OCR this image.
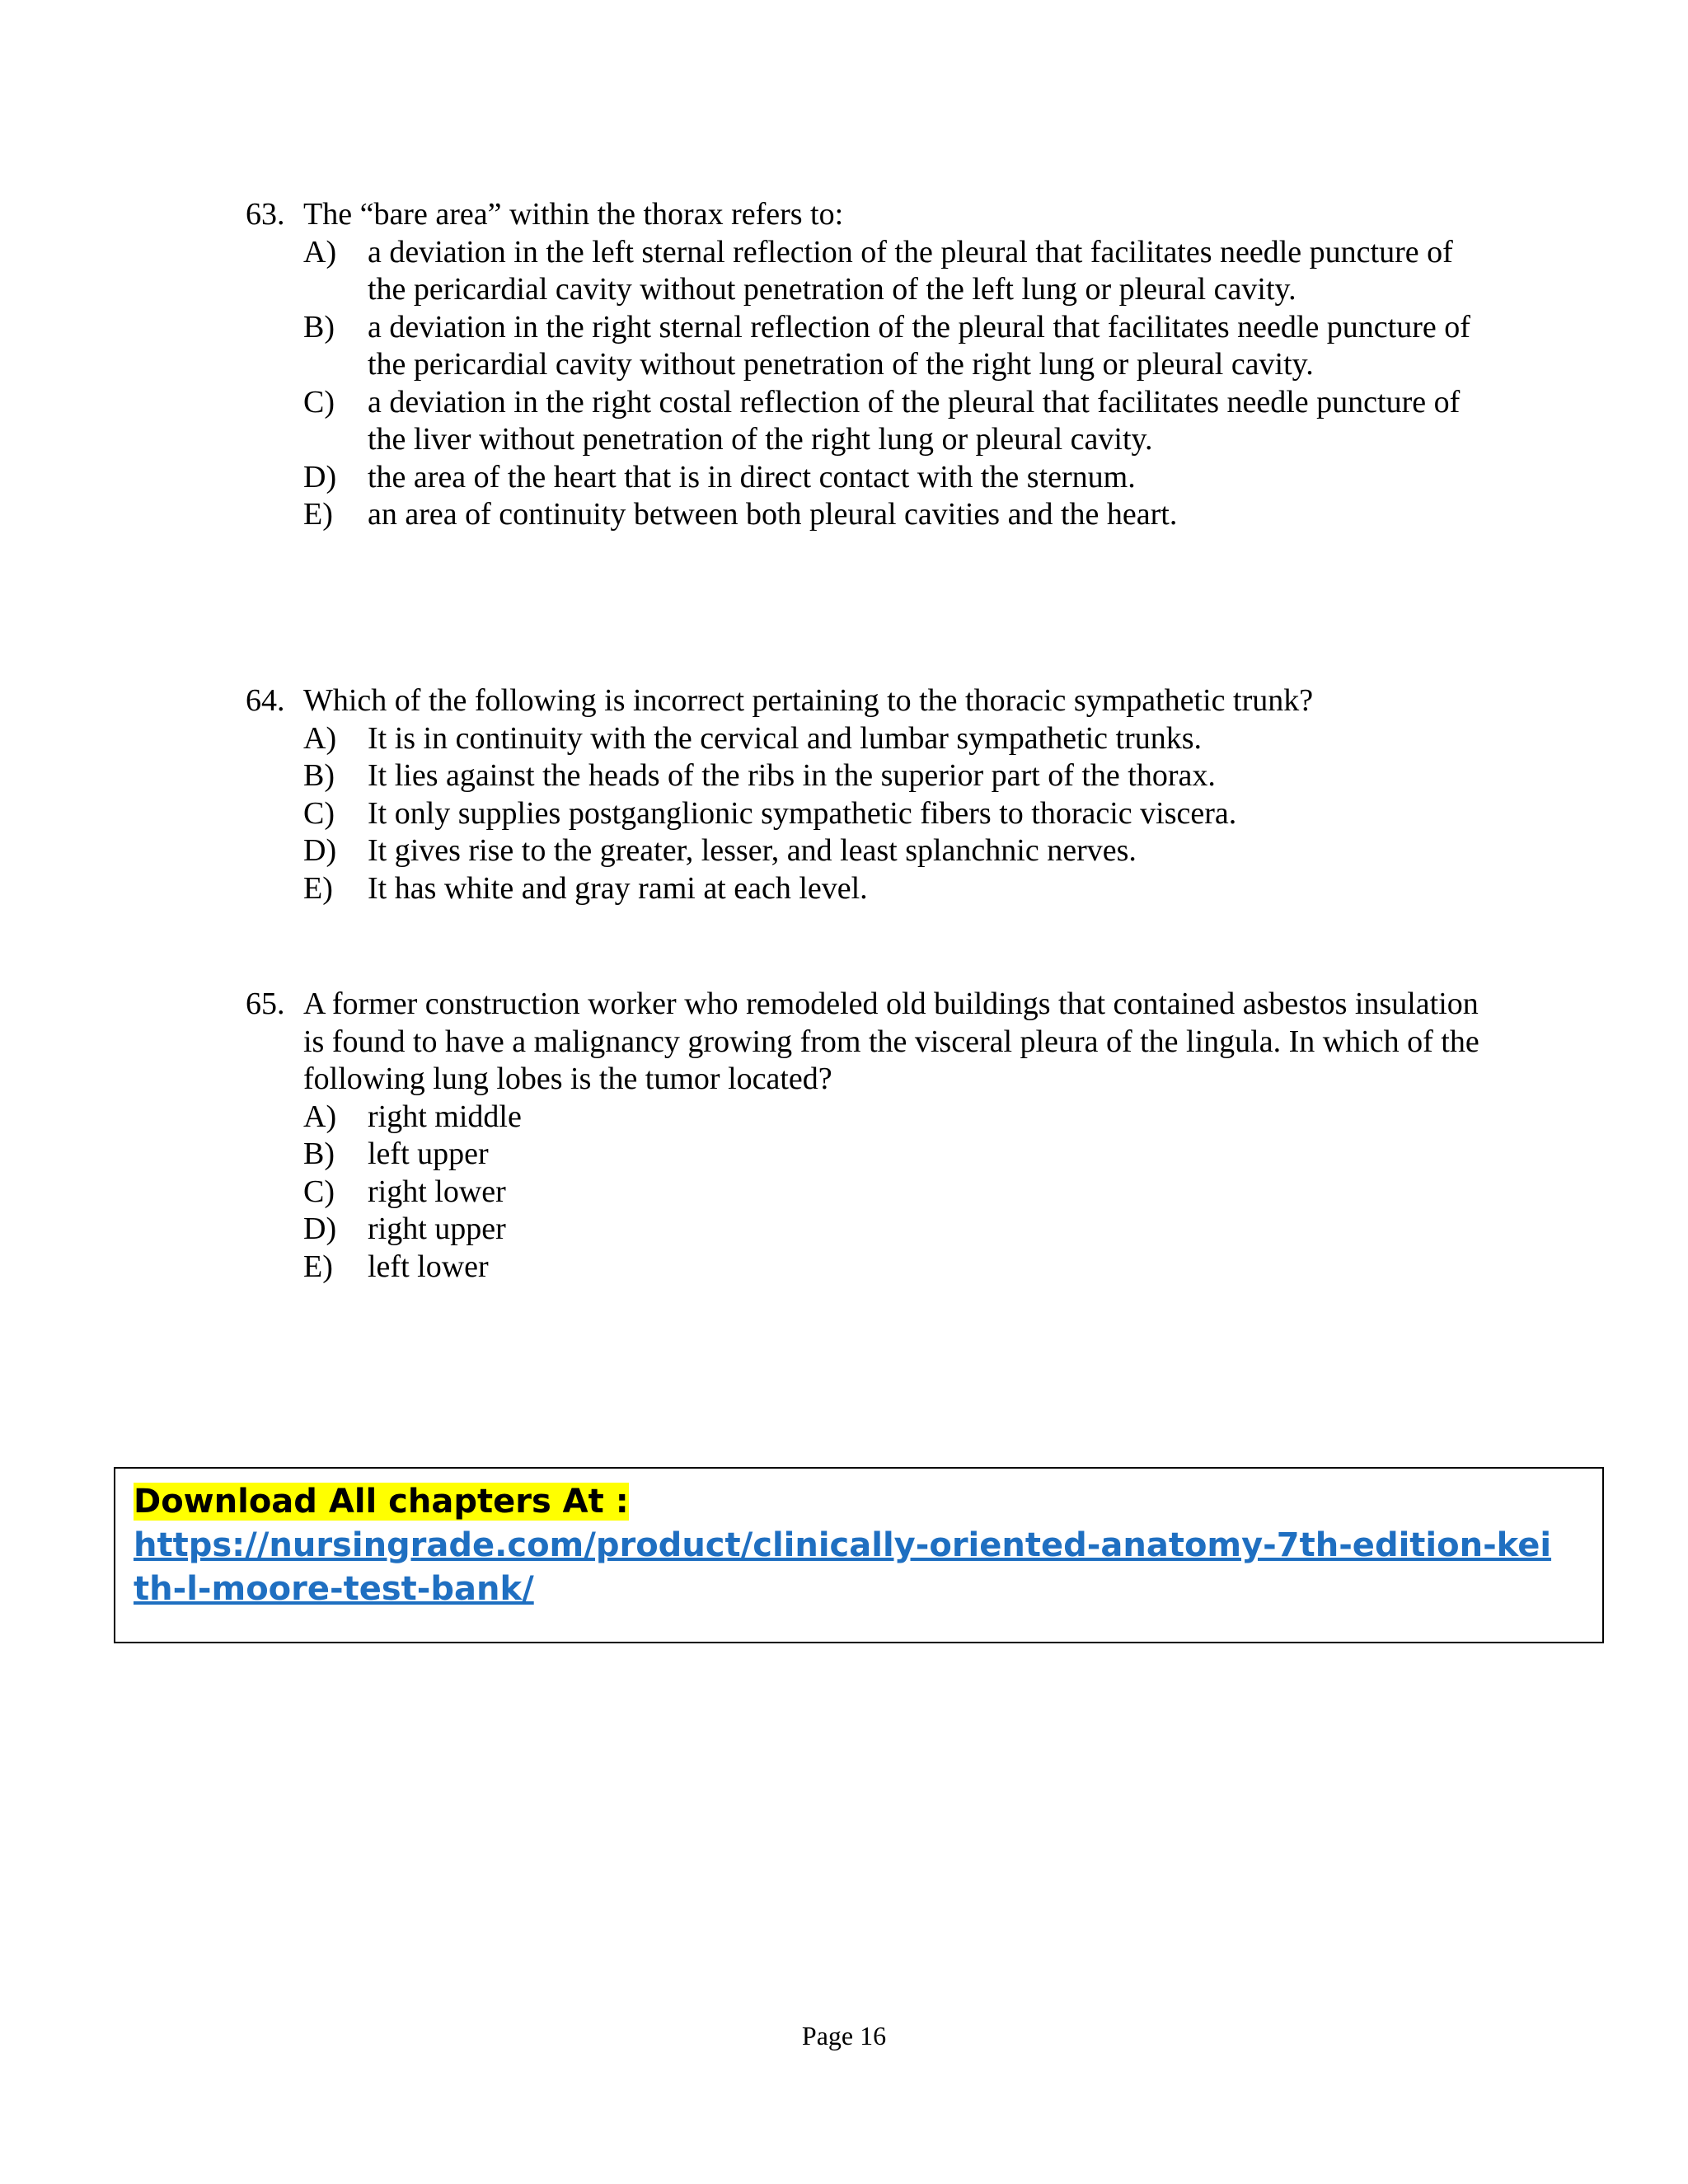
63. The “bare area” within the thorax refers to:
A) a deviation in the left sternal reflection of the pleural that facilitates needle puncture of the pericardial cavity without penetration of the left lung or pleural cavity.
B)	a deviation in the right sternal reflection of the pleural that facilitates needle puncture of the pericardial cavity without penetration of the right lung or pleural cavity.
C)	a deviation in the right costal reflection of the pleural that facilitates needle puncture of the liver without penetration of the right lung or pleural cavity.
D) the area of the heart that is in direct contact with the sternum.
E)	an area of continuity between both pleural cavities and the heart.
64. Which of the following is incorrect pertaining to the thoracic sympathetic trunk?
A) It is in continuity with the cervical and lumbar sympathetic trunks.
B)	It lies against the heads of the ribs in the superior part of the thorax.
C)	It only supplies postganglionic sympathetic fibers to thoracic viscera.
D) It gives rise to the greater, lesser, and least splanchnic nerves.
E)	It has white and gray rami at each level.
65. A former construction worker who remodeled old buildings that contained asbestos insulation is found to have a malignancy growing from the visceral pleura of the lingula. In which of the following lung lobes is the tumor located?
A) right middle
B)	left upper
C)	right lower
D) right upper
E)	left lower
Download All chapters At :
https://nursingrade.com/product/clinically-oriented-anatomy-7th-edition-keith-l-moore-test-bank/
Page 16
